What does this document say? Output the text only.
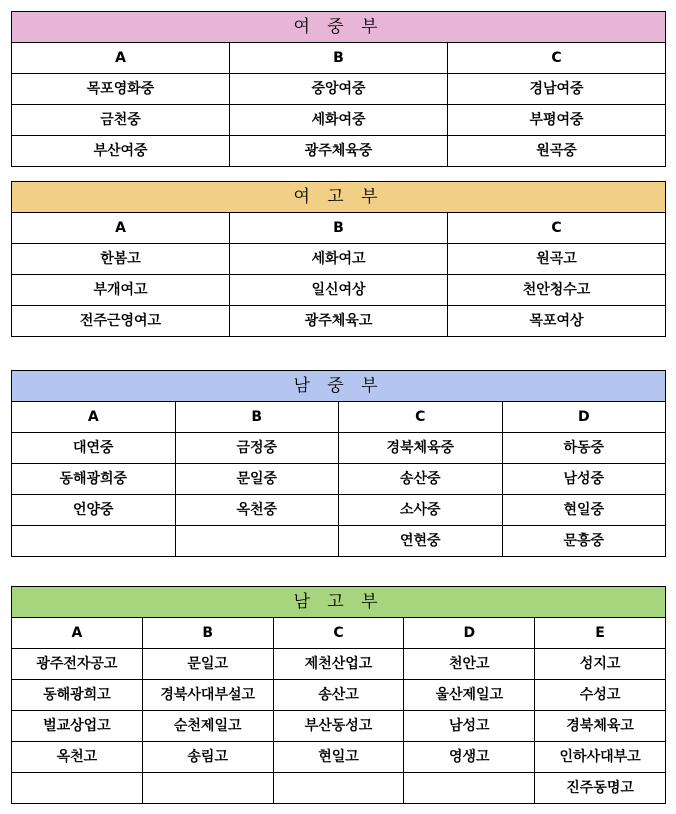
여 중 부		
A	B	C
목포영화중	중앙여중	경남여중
금천중	세화여중	부평여중
부산여중	광주체육중	원곡중
여 고 부		
A	B	C
한봄고	세화여고	원곡고
부개여고	일신여상	천안청수고
전주근영여고	광주체육고	목포여상
남 중 부			
A	B	C	D
대연중	금정중	경북체육중	하동중
동해광희중	문일중	송산중	남성중
언양중	옥천중	소사중	현일중
		연현중	문흥중
남 고 부				
A	B	C	D	E
광주전자공고	문일고	제천산업고	천안고	성지고
동해광희고	경북사대부설고	송산고	울산제일고	수성고
벌교상업고	순천제일고	부산동성고	남성고	경북체육고
옥천고	송림고	현일고	영생고	인하사대부고
				진주동명고
